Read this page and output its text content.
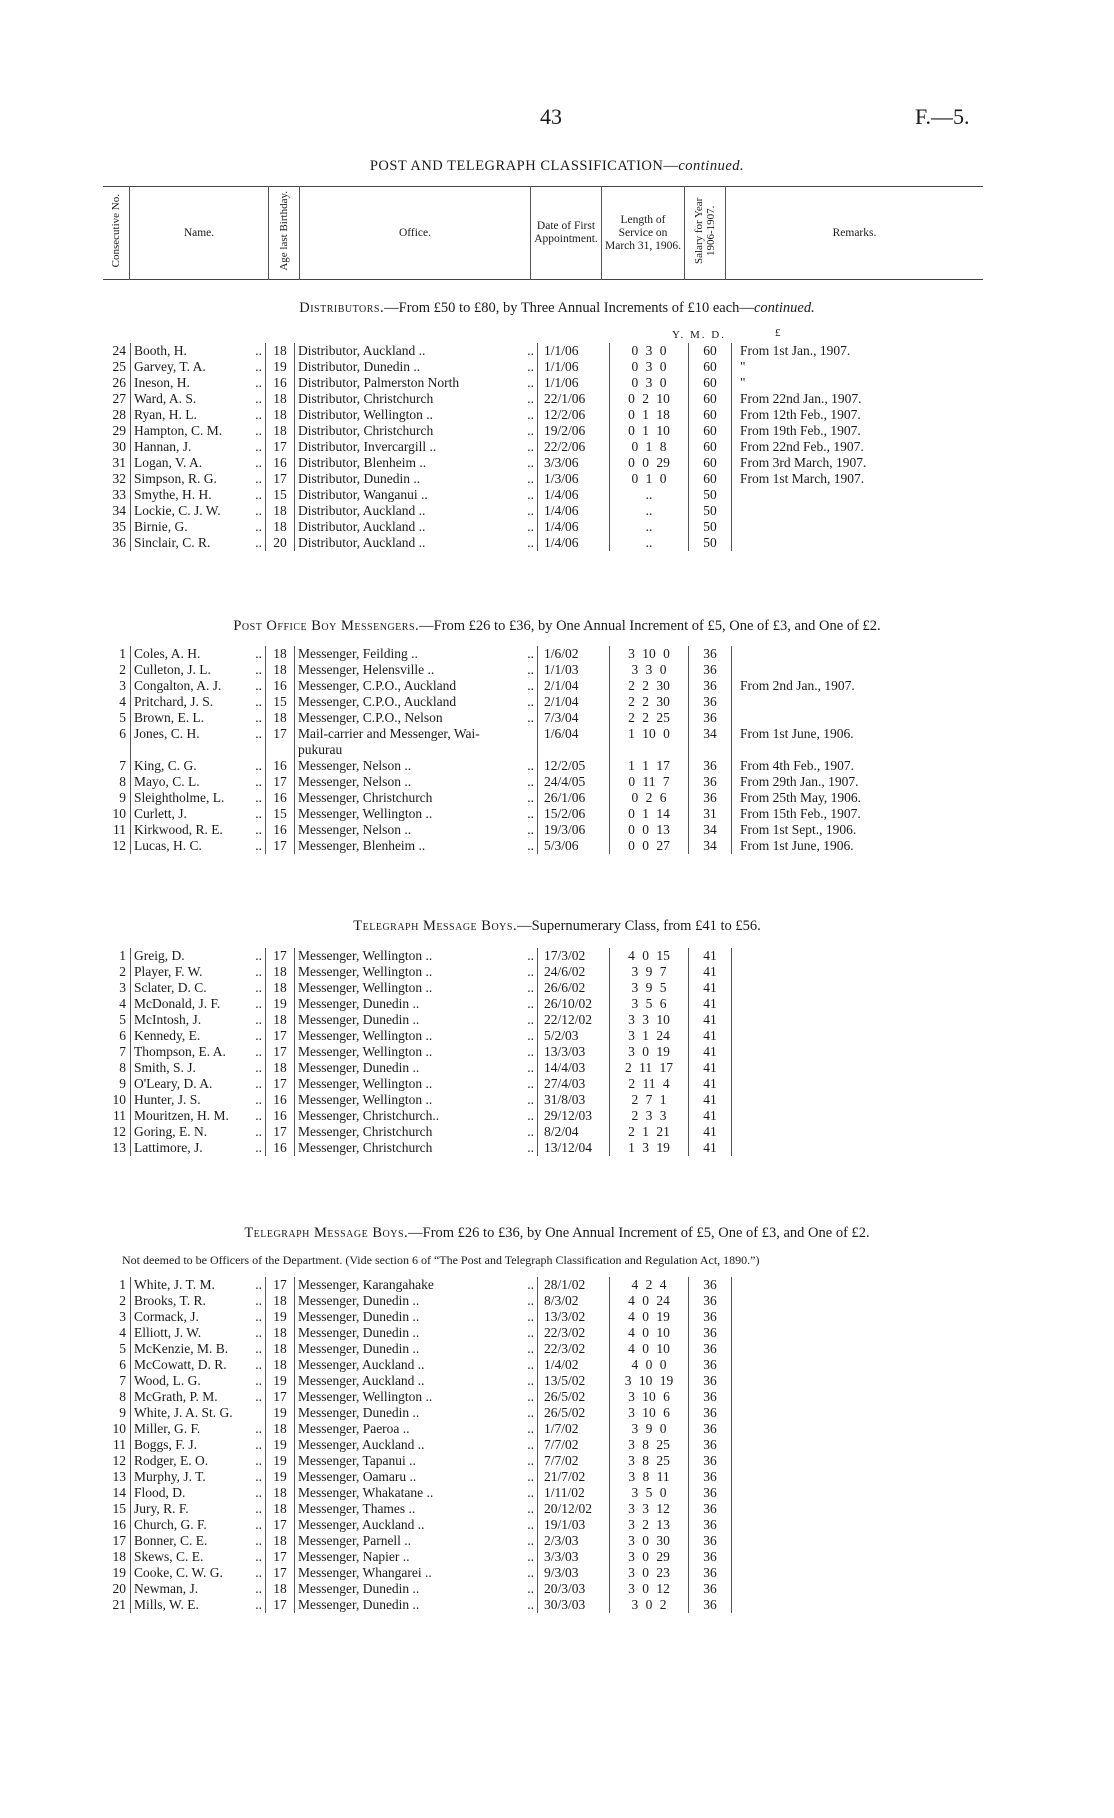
43	F.—5.
POST AND TELEGRAPH CLASSIFICATION—continued.
Consecutive No.	Name.	Age last Birthday.	Office.	Date of First Appointment.	Length of Service on March 31, 1906.	Salary for Year 1906-1907.	Remarks.
Distributors.—From £50 to £80, by Three Annual Increments of £10 each—continued.
Y. M. D.	£
24	Booth, H.	..	18	Distributor, Auckland ..	..	1/1/06	0 3 0	60	From 1st Jan., 1907.
25	Garvey, T. A.	..	19	Distributor, Dunedin ..	..	1/1/06	0 3 0	60	"
26	Ineson, H.	..	16	Distributor, Palmerston North	..	1/1/06	0 3 0	60	"
27	Ward, A. S.	..	18	Distributor, Christchurch	..	22/1/06	0 2 10	60	From 22nd Jan., 1907.
28	Ryan, H. L.	..	18	Distributor, Wellington ..	..	12/2/06	0 1 18	60	From 12th Feb., 1907.
29	Hampton, C. M.	..	18	Distributor, Christchurch	..	19/2/06	0 1 10	60	From 19th Feb., 1907.
30	Hannan, J.	..	17	Distributor, Invercargill ..	..	22/2/06	0 1 8	60	From 22nd Feb., 1907.
31	Logan, V. A.	..	16	Distributor, Blenheim ..	..	3/3/06	0 0 29	60	From 3rd March, 1907.
32	Simpson, R. G.	..	17	Distributor, Dunedin ..	..	1/3/06	0 1 0	60	From 1st March, 1907.
33	Smythe, H. H.	..	15	Distributor, Wanganui ..	..	1/4/06	..	50	
34	Lockie, C. J. W.	..	18	Distributor, Auckland ..	..	1/4/06	..	50	
35	Birnie, G.	..	18	Distributor, Auckland ..	..	1/4/06	..	50	
36	Sinclair, C. R.	..	20	Distributor, Auckland ..	..	1/4/06	..	50	
Post Office Boy Messengers.—From £26 to £36, by One Annual Increment of £5, One of £3, and One of £2.
1	Coles, A. H.	..	18	Messenger, Feilding ..	..	1/6/02	3 10 0	36	
2	Culleton, J. L.	..	18	Messenger, Helensville ..	..	1/1/03	3 3 0	36	
3	Congalton, A. J.	..	16	Messenger, C.P.O., Auckland	..	2/1/04	2 2 30	36	From 2nd Jan., 1907.
4	Pritchard, J. S.	..	15	Messenger, C.P.O., Auckland	..	2/1/04	2 2 30	36	
5	Brown, E. L.	..	18	Messenger, C.P.O., Nelson	..	7/3/04	2 2 25	36	
6	Jones, C. H.	..	17	Mail-carrier and Messenger, Wai-pukurau		1/6/04	1 10 0	34	From 1st June, 1906.
7	King, C. G.	..	16	Messenger, Nelson ..	..	12/2/05	1 1 17	36	From 4th Feb., 1907.
8	Mayo, C. L.	..	17	Messenger, Nelson ..	..	24/4/05	0 11 7	36	From 29th Jan., 1907.
9	Sleightholme, L.	..	16	Messenger, Christchurch	..	26/1/06	0 2 6	36	From 25th May, 1906.
10	Curlett, J.	..	15	Messenger, Wellington ..	..	15/2/06	0 1 14	31	From 15th Feb., 1907.
11	Kirkwood, R. E.	..	16	Messenger, Nelson ..	..	19/3/06	0 0 13	34	From 1st Sept., 1906.
12	Lucas, H. C.	..	17	Messenger, Blenheim ..	..	5/3/06	0 0 27	34	From 1st June, 1906.
Telegraph Message Boys.—Supernumerary Class, from £41 to £56.
1	Greig, D.	..	17	Messenger, Wellington ..	..	17/3/02	4 0 15	41	
2	Player, F. W.	..	18	Messenger, Wellington ..	..	24/6/02	3 9 7	41	
3	Sclater, D. C.	..	18	Messenger, Wellington ..	..	26/6/02	3 9 5	41	
4	McDonald, J. F.	..	19	Messenger, Dunedin ..	..	26/10/02	3 5 6	41	
5	McIntosh, J.	..	18	Messenger, Dunedin ..	..	22/12/02	3 3 10	41	
6	Kennedy, E.	..	17	Messenger, Wellington ..	..	5/2/03	3 1 24	41	
7	Thompson, E. A.	..	17	Messenger, Wellington ..	..	13/3/03	3 0 19	41	
8	Smith, S. J.	..	18	Messenger, Dunedin ..	..	14/4/03	2 11 17	41	
9	O'Leary, D. A.	..	17	Messenger, Wellington ..	..	27/4/03	2 11 4	41	
10	Hunter, J. S.	..	16	Messenger, Wellington ..	..	31/8/03	2 7 1	41	
11	Mouritzen, H. M.	..	16	Messenger, Christchurch..	..	29/12/03	2 3 3	41	
12	Goring, E. N.	..	17	Messenger, Christchurch	..	8/2/04	2 1 21	41	
13	Lattimore, J.	..	16	Messenger, Christchurch	..	13/12/04	1 3 19	41	
Telegraph Message Boys.—From £26 to £36, by One Annual Increment of £5, One of £3, and One of £2.
Not deemed to be Officers of the Department. (Vide section 6 of “The Post and Telegraph Classification and Regulation Act, 1890.”)
1	White, J. T. M.	..	17	Messenger, Karangahake	..	28/1/02	4 2 4	36	
2	Brooks, T. R.	..	18	Messenger, Dunedin ..	..	8/3/02	4 0 24	36	
3	Cormack, J.	..	19	Messenger, Dunedin ..	..	13/3/02	4 0 19	36	
4	Elliott, J. W.	..	18	Messenger, Dunedin ..	..	22/3/02	4 0 10	36	
5	McKenzie, M. B.	..	18	Messenger, Dunedin ..	..	22/3/02	4 0 10	36	
6	McCowatt, D. R.	..	18	Messenger, Auckland ..	..	1/4/02	4 0 0	36	
7	Wood, L. G.	..	19	Messenger, Auckland ..	..	13/5/02	3 10 19	36	
8	McGrath, P. M.	..	17	Messenger, Wellington ..	..	26/5/02	3 10 6	36	
9	White, J. A. St. G.		19	Messenger, Dunedin ..	..	26/5/02	3 10 6	36	
10	Miller, G. F.	..	18	Messenger, Paeroa ..	..	1/7/02	3 9 0	36	
11	Boggs, F. J.	..	19	Messenger, Auckland ..	..	7/7/02	3 8 25	36	
12	Rodger, E. O.	..	19	Messenger, Tapanui ..	..	7/7/02	3 8 25	36	
13	Murphy, J. T.	..	19	Messenger, Oamaru ..	..	21/7/02	3 8 11	36	
14	Flood, D.	..	18	Messenger, Whakatane ..	..	1/11/02	3 5 0	36	
15	Jury, R. F.	..	18	Messenger, Thames ..	..	20/12/02	3 3 12	36	
16	Church, G. F.	..	17	Messenger, Auckland ..	..	19/1/03	3 2 13	36	
17	Bonner, C. E.	..	18	Messenger, Parnell ..	..	2/3/03	3 0 30	36	
18	Skews, C. E.	..	17	Messenger, Napier ..	..	3/3/03	3 0 29	36	
19	Cooke, C. W. G.	..	17	Messenger, Whangarei ..	..	9/3/03	3 0 23	36	
20	Newman, J.	..	18	Messenger, Dunedin ..	..	20/3/03	3 0 12	36	
21	Mills, W. E.	..	17	Messenger, Dunedin ..	..	30/3/03	3 0 2	36	
